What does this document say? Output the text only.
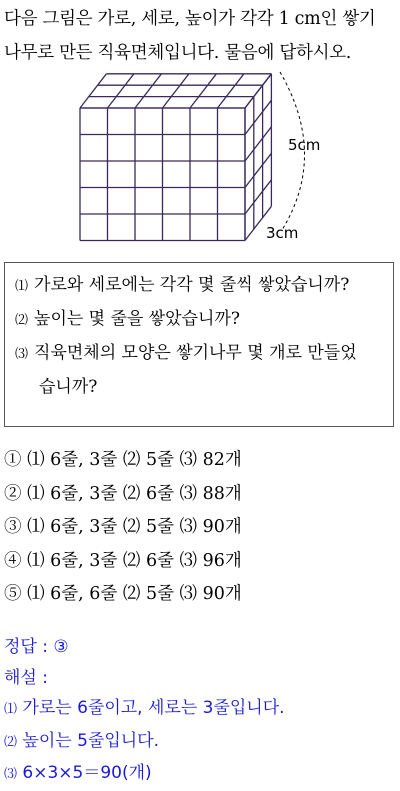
다음 그림은 가로, 세로, 높이가 각각 1 cm인 쌓기
나무로 만든 직육면체입니다. 물음에 답하시오.
5cm
3cm
⑴ 가로와 세로에는 각각 몇 줄씩 쌓았습니까?
⑵ 높이는 몇 줄을 쌓았습니까?
⑶ 직육면체의 모양은 쌓기나무 몇 개로 만들었
습니까?
① ⑴ 6줄, 3줄 ⑵ 5줄 ⑶ 82개
② ⑴ 6줄, 3줄 ⑵ 6줄 ⑶ 88개
③ ⑴ 6줄, 3줄 ⑵ 5줄 ⑶ 90개
④ ⑴ 6줄, 3줄 ⑵ 6줄 ⑶ 96개
⑤ ⑴ 6줄, 6줄 ⑵ 5줄 ⑶ 90개
정답 : ③
해설 :
⑴ 가로는 6줄이고, 세로는 3줄입니다.
⑵ 높이는 5줄입니다.
⑶ 6×3×5＝90(개)
